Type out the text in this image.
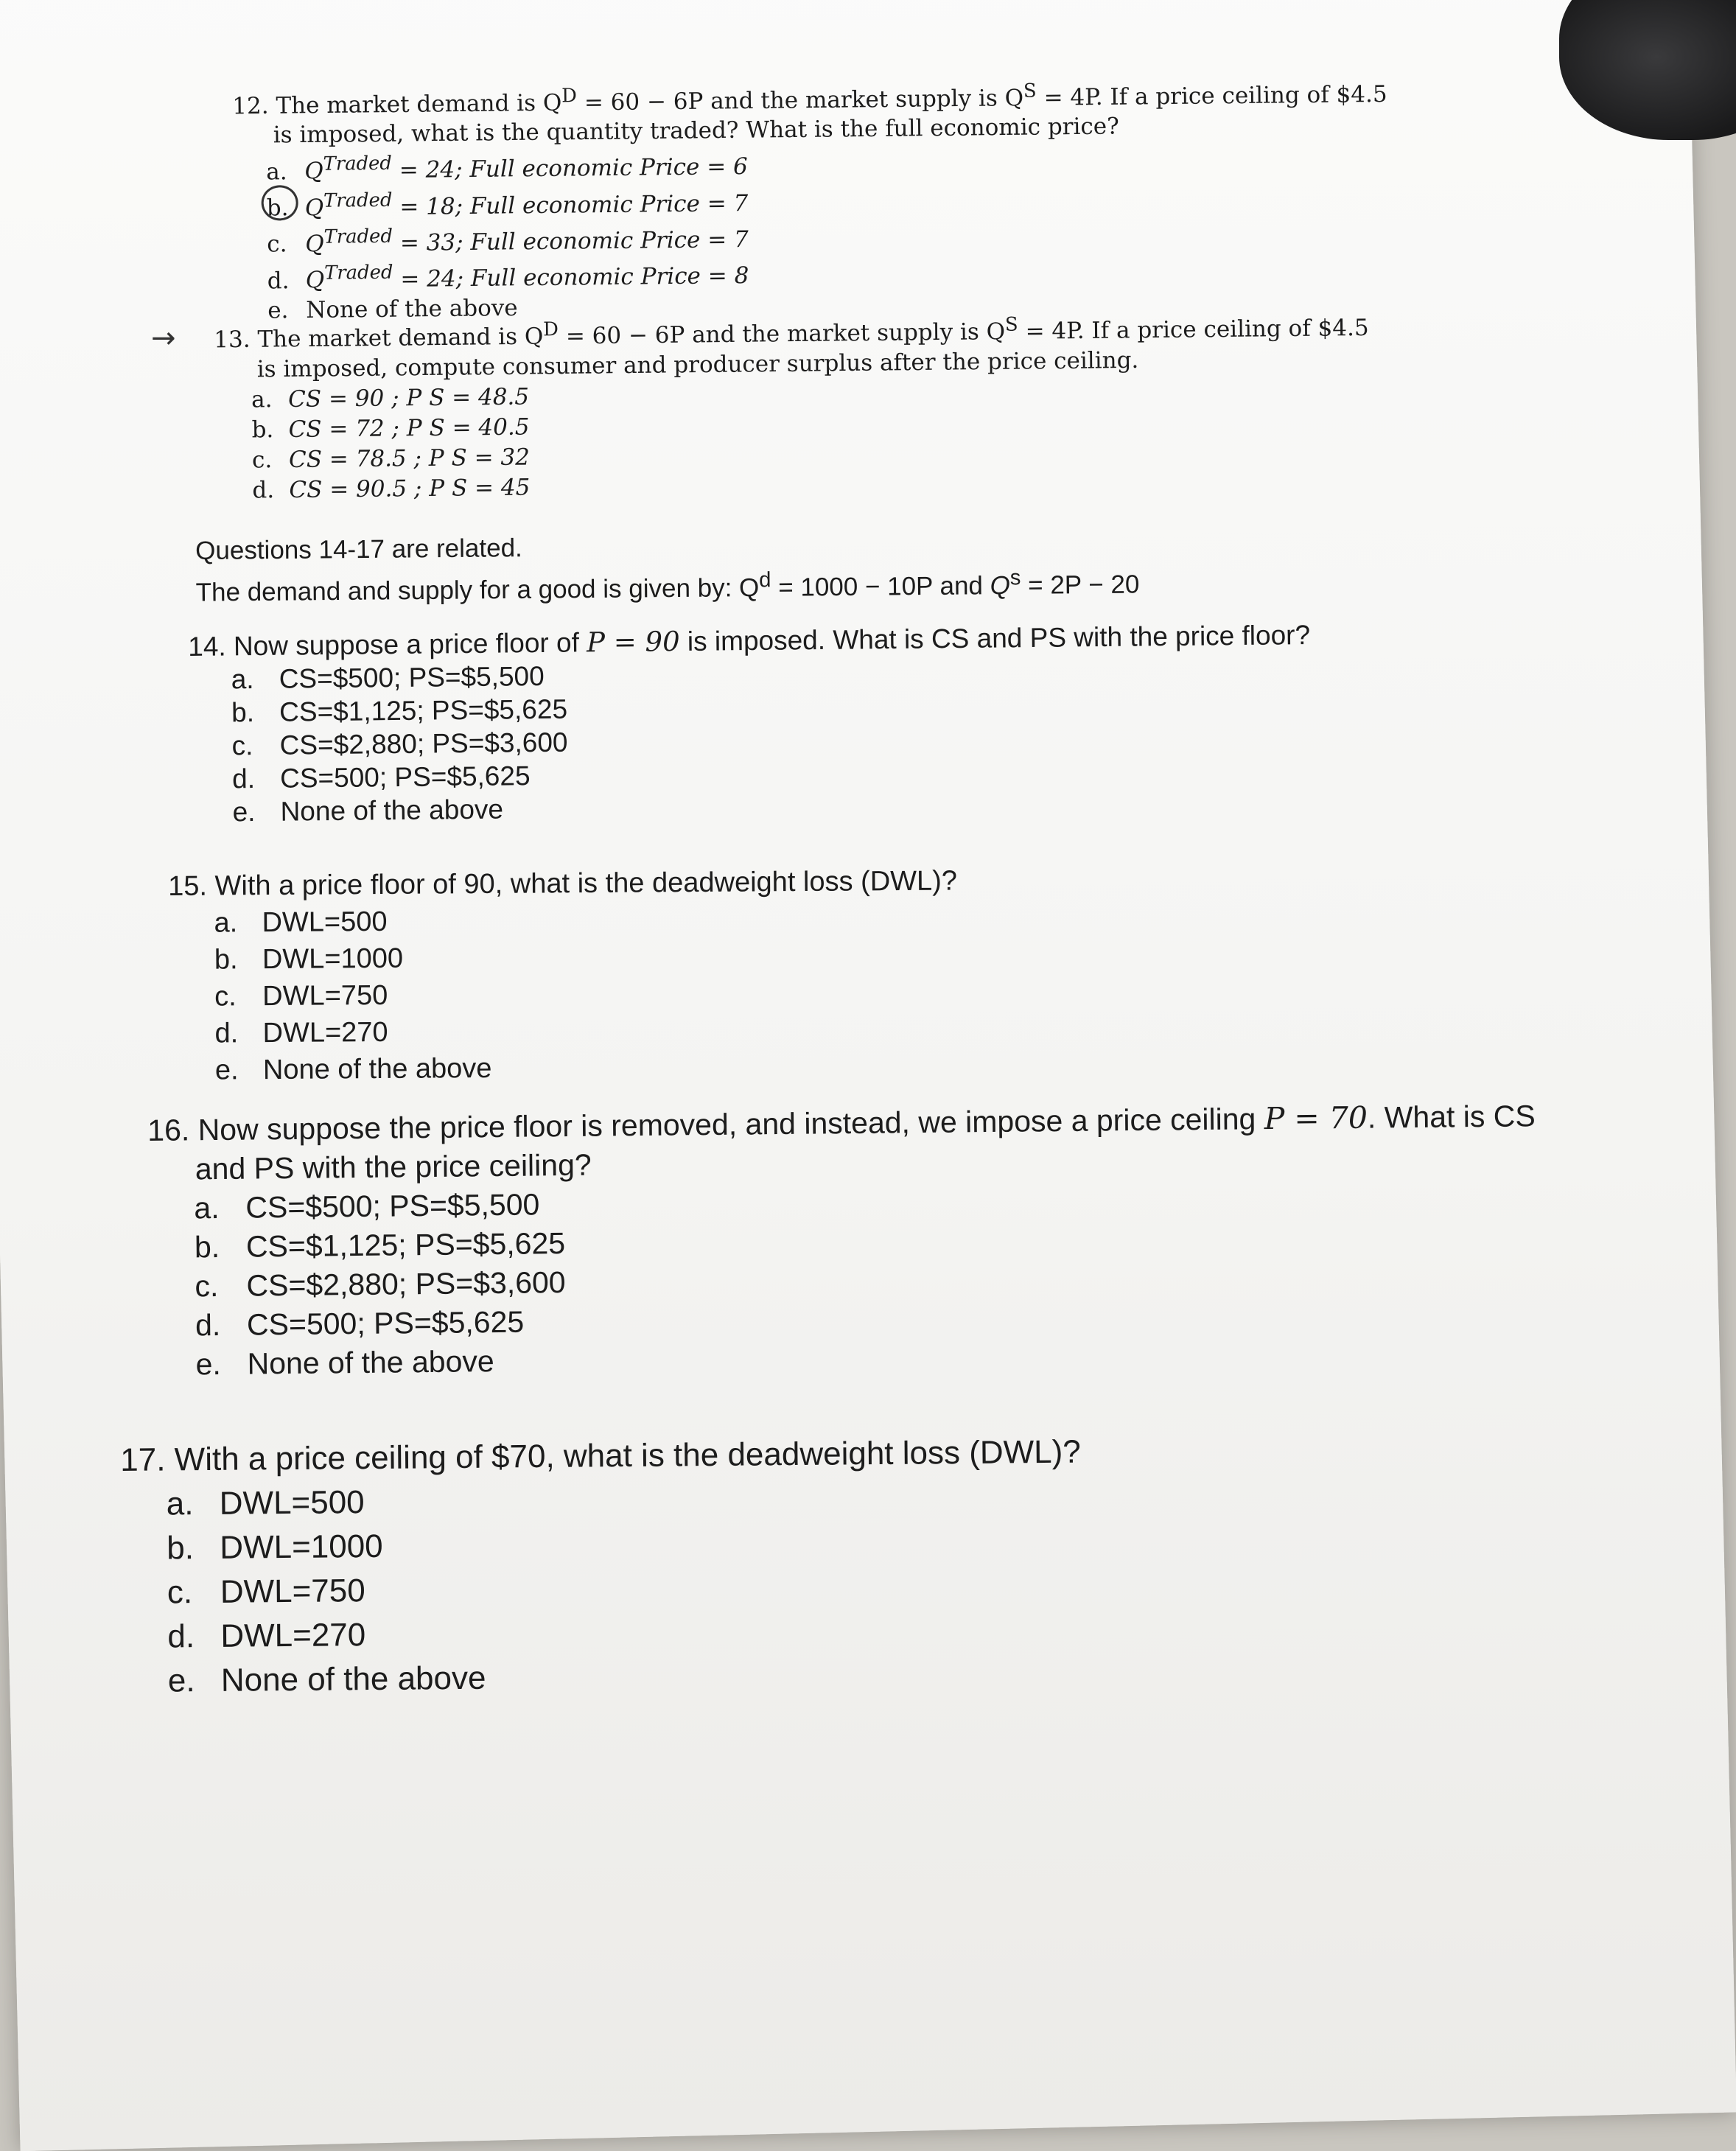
12. The market demand is $Q^D = 60 - 6P$ and the market supply is $Q^S = 4P$. If a price ceiling of $4.5

is imposed, what is the quantity traded? What is the full economic price?

a. $Q^{Traded} = 24$; Full economic Price = 6

b. $Q^{Traded} = 18$; Full economic Price = 7

c. $Q^{Traded} = 33$; Full economic Price = 7

d. $Q^{Traded} = 24$; Full economic Price = 8

e. None of the above

→ 13. The market demand is $Q^D = 60 - 6P$ and the market supply is $Q^S = 4P$. If a price ceiling of $4.5

is imposed, compute consumer and producer surplus after the price ceiling.

a. CS = 90 ; P S = 48.5

b. CS = 72 ; P S = 40.5

c. CS = 78.5 ; P S = 32

d. CS = 90.5 ; P S = 45

Questions 14-17 are related.

The demand and supply for a good is given by: $Q^d = 1000 - 10P$ and $Q^s = 2P - 20$

14. Now suppose a price floor of P = 90 is imposed. What is CS and PS with the price floor?

a. CS=$500; PS=$5,500

b. CS=$1,125; PS=$5,625

c. CS=$2,880; PS=$3,600

d. CS=500; PS=$5,625

e. None of the above

15. With a price floor of 90, what is the deadweight loss (DWL)?

a. DWL=500

b. DWL=1000

c. DWL=750

d. DWL=270

e. None of the above

16. Now suppose the price floor is removed, and instead, we impose a price ceiling P = 70. What is CS

and PS with the price ceiling?

a. CS=$500; PS=$5,500

b. CS=$1,125; PS=$5,625

c. CS=$2,880; PS=$3,600

d. CS=500; PS=$5,625

e. None of the above

17. With a price ceiling of $70, what is the deadweight loss (DWL)?

a. DWL=500

b. DWL=1000

c. DWL=750

d. DWL=270

e. None of the above
